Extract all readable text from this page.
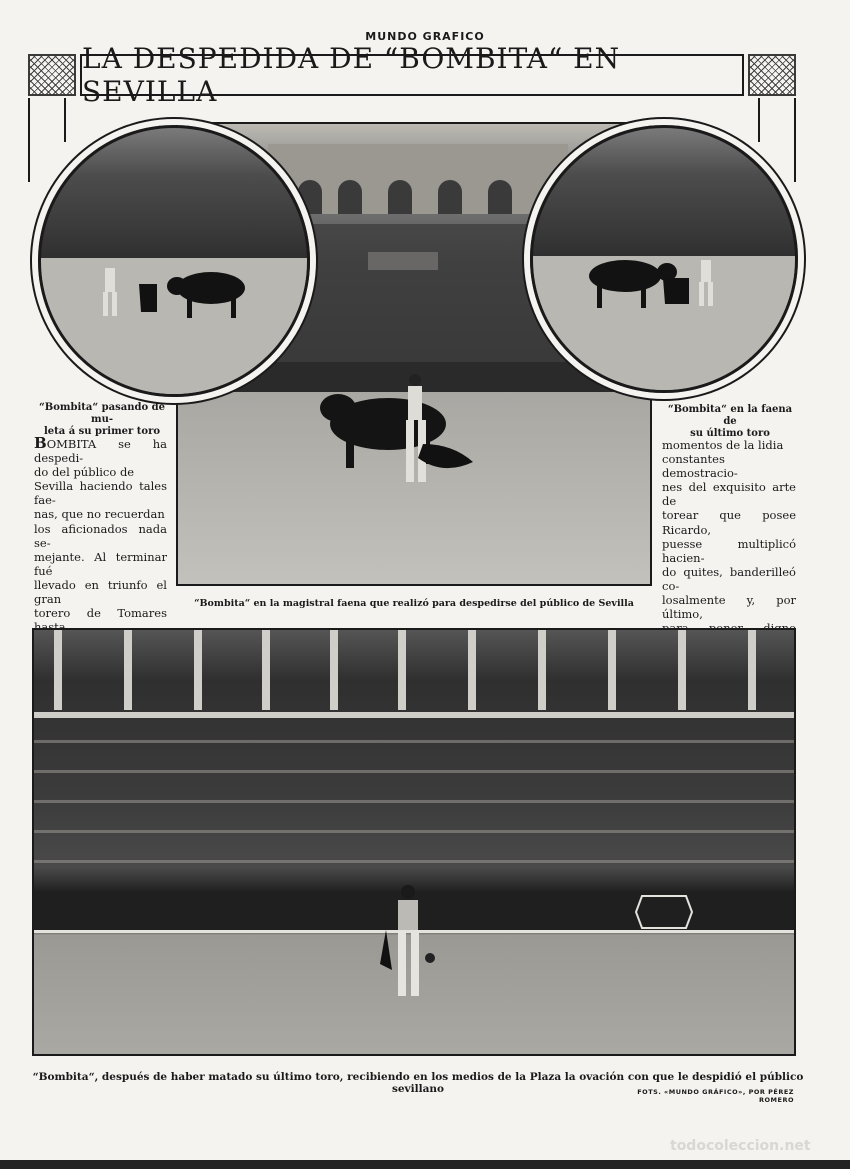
MUNDO GRAFICO
LA DESPEDIDA DE “BOMBITA“ EN SEVILLA
“Bombita“ pasando de mu-
leta á su primer toro
“Bombita“ en la faena de
su último toro
BOMBITA se ha despedi-
do del público de
Sevilla haciendo tales fae-
nas, que no recuerdan
los aficionados nada se-
mejante. Al terminar fué
llevado en triunfo el gran
torero de Tomares
momentos de la lidia
constantes demostracio-
nes del exquisito arte de
torear que posee Ricardo,
puesse multiplicó hacien-
do quites, banderilleó co-
losalmente y, por último,
“Bombita“ en la magistral faena que realizó para despedirse del público de Sevilla
“Bombita“, después de haber matado su último toro, recibiendo en los medios de la Plaza la ovación con que le despidió el público
sevillano	FOTS. «MUNDO GRÁFICO», POR PÉREZ ROMERO
todocoleccion.net
